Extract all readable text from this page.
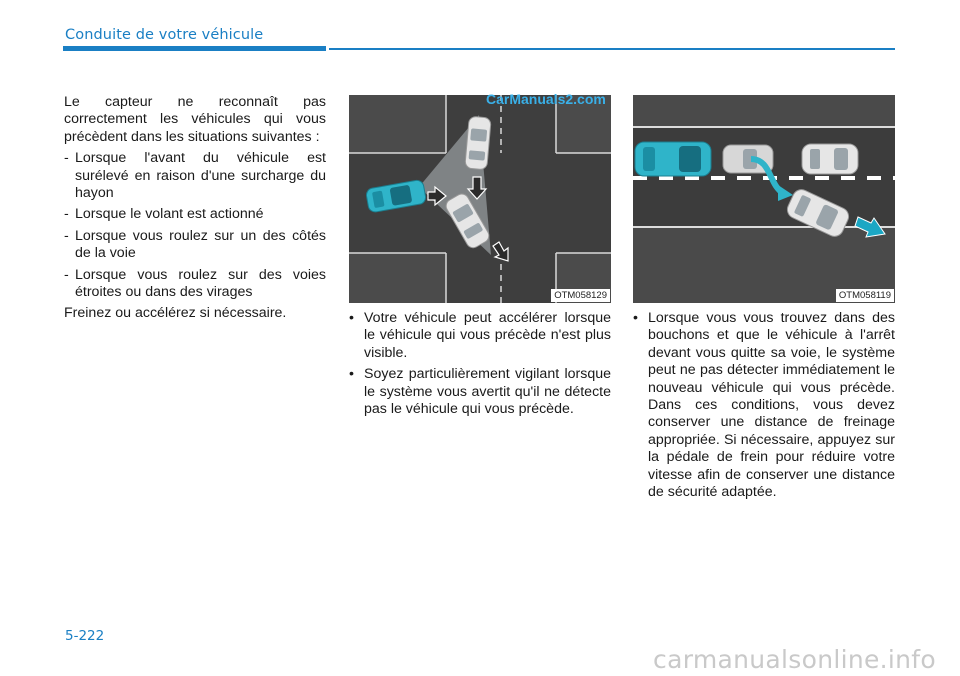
Conduite de votre véhicule

Le capteur ne reconnaît pas correctement les véhicules qui vous précèdent dans les situations suivantes :

- Lorsque l'avant du véhicule est surélevé en raison d'une surcharge du hayon

- Lorsque le volant est actionné

- Lorsque vous roulez sur un des côtés de la voie

- Lorsque vous roulez sur des voies étroites ou dans des virages

Freinez ou accélérez si nécessaire.

OTM058129
CarManuals2.com
OTM058119

• Votre véhicule peut accélérer lorsque le véhicule qui vous précède n'est plus visible.

• Soyez particulièrement vigilant lorsque le système vous avertit qu'il ne détecte pas le véhicule qui vous précède.

• Lorsque vous vous trouvez dans des bouchons et que le véhicule à l'arrêt devant vous quitte sa voie, le système peut ne pas détecter immédiatement le nouveau véhicule qui vous précède. Dans ces conditions, vous devez conserver une distance de freinage appropriée. Si nécessaire, appuyez sur la pédale de frein pour réduire votre vitesse afin de conserver une distance de sécurité adaptée.

5-222
carmanualsonline.info
